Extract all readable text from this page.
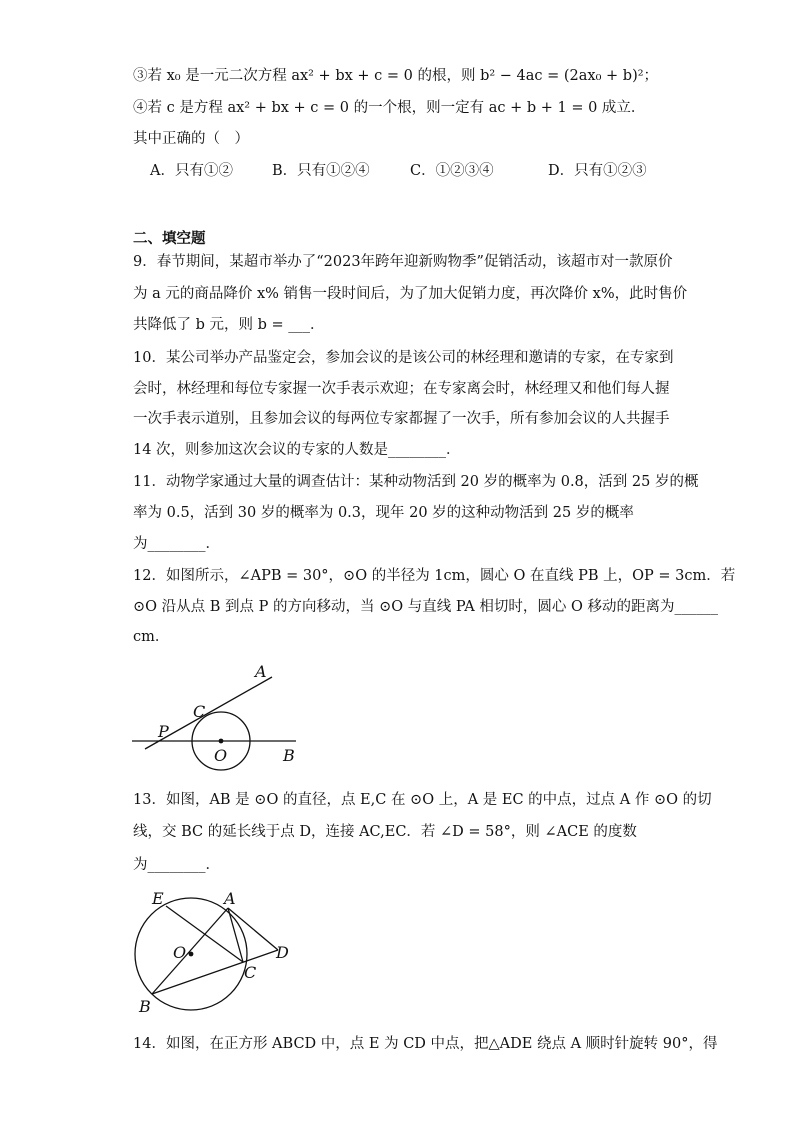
③若 x₀ 是一元二次方程 ax² + bx + c = 0 的根，则 b² − 4ac = (2ax₀ + b)²；
④若 c 是方程 ax² + bx + c = 0 的一个根，则一定有 ac + b + 1 = 0 成立．
其中正确的（　）
A．只有①②	B．只有①②④	C．①②③④	D．只有①②③
二、填空题
9．春节期间，某超市举办了“2023年跨年迎新购物季”促销活动，该超市对一款原价
为 a 元的商品降价 x% 销售一段时间后，为了加大促销力度，再次降价 x%，此时售价
共降低了 b 元，则 b = ___．
10．某公司举办产品鉴定会，参加会议的是该公司的林经理和邀请的专家，在专家到
会时，林经理和每位专家握一次手表示欢迎；在专家离会时，林经理又和他们每人握
一次手表示道别，且参加会议的每两位专家都握了一次手，所有参加会议的人共握手
14 次，则参加这次会议的专家的人数是________．
11．动物学家通过大量的调查估计：某种动物活到 20 岁的概率为 0.8，活到 25 岁的概
率为 0.5，活到 30 岁的概率为 0.3，现年 20 岁的这种动物活到 25 岁的概率
为________．
12．如图所示，∠APB = 30°，⊙O 的半径为 1cm，圆心 O 在直线 PB 上，OP = 3cm．若
⊙O 沿从点 B 到点 P 的方向移动，当 ⊙O 与直线 PA 相切时，圆心 O 移动的距离为______
cm．
A
C
P
O	B
13．如图，AB 是 ⊙O 的直径，点 E,C 在 ⊙O 上，A 是 EC 的中点，过点 A 作 ⊙O 的切
线，交 BC 的延长线于点 D，连接 AC,EC．若 ∠D = 58°，则 ∠ACE 的度数
为________．
E	A
O	D
C
B
14．如图，在正方形 ABCD 中，点 E 为 CD 中点，把△ADE 绕点 A 顺时针旋转 90°，得
